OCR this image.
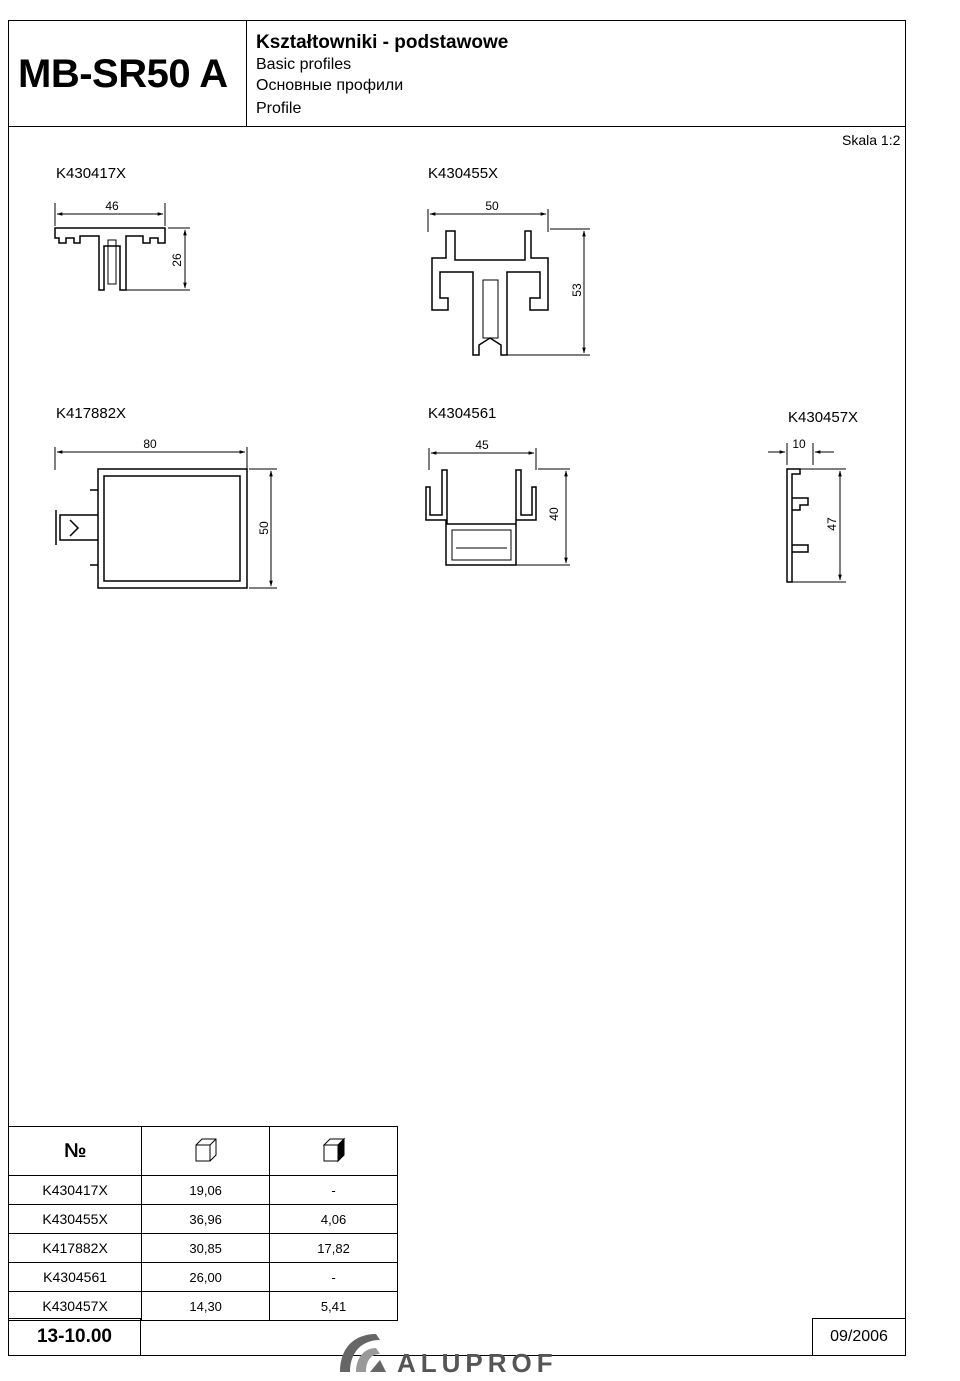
MB-SR50 A
Kształtowniki - podstawowe
Basic profiles
Основные профили
Profile
Skala 1:2
K430417X	K430455X
K417882X	K4304561	K430457X
46
26
50
53
80
50
45
40
10
47
№		
K430417X	19,06	-
K430455X	36,96	4,06
K417882X	30,85	17,82
K4304561	26,00	-
K430457X	14,30	5,41
13-10.00	09/2006
ALUPROF
